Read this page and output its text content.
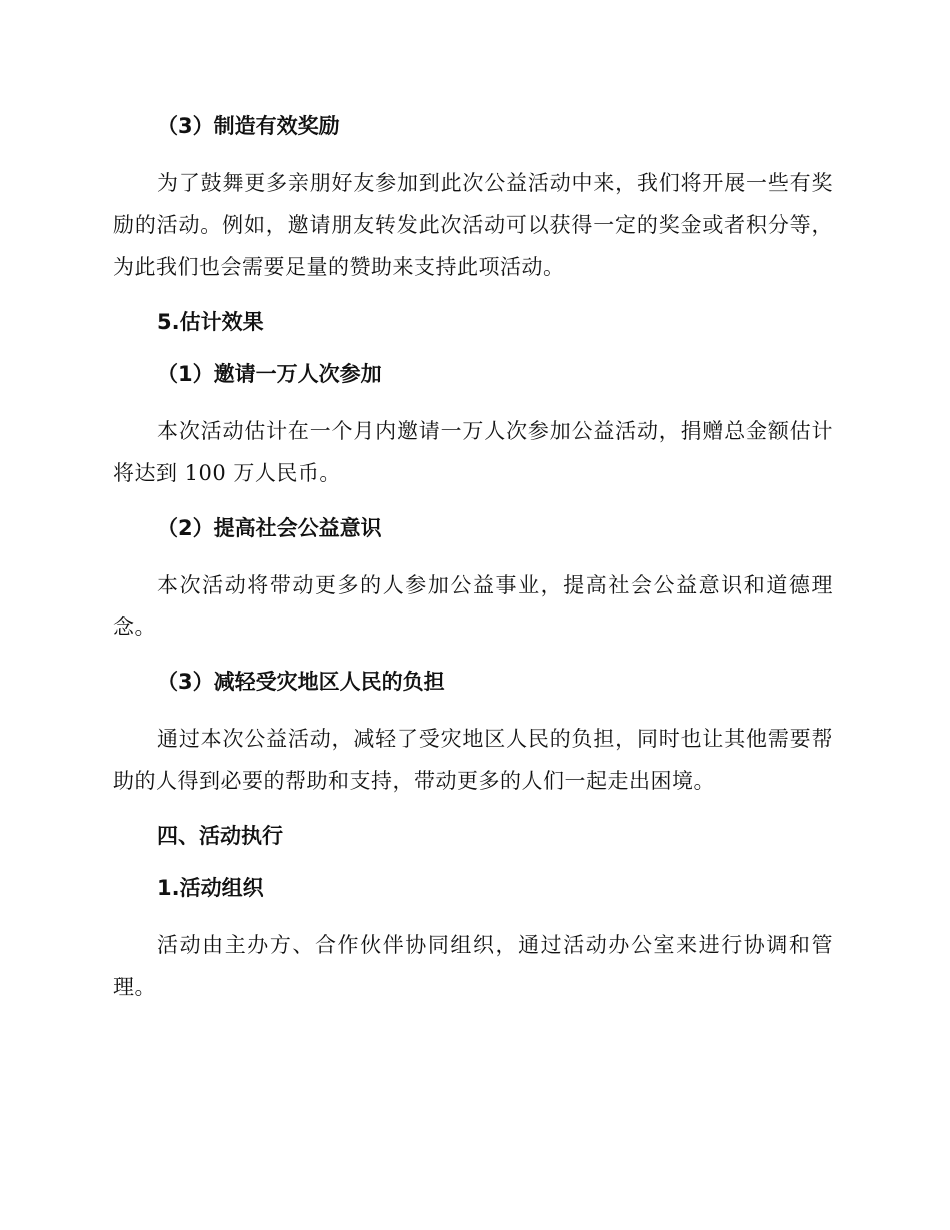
（3）制造有效奖励

为了鼓舞更多亲朋好友参加到此次公益活动中来，我们将开展一些有奖励的活动。例如，邀请朋友转发此次活动可以获得一定的奖金或者积分等，为此我们也会需要足量的赞助来支持此项活动。

5.估计效果

（1）邀请一万人次参加

本次活动估计在一个月内邀请一万人次参加公益活动，捐赠总金额估计将达到 100 万人民币。

（2）提高社会公益意识

本次活动将带动更多的人参加公益事业，提高社会公益意识和道德理念。

（3）减轻受灾地区人民的负担

通过本次公益活动，减轻了受灾地区人民的负担，同时也让其他需要帮助的人得到必要的帮助和支持，带动更多的人们一起走出困境。

四、活动执行

1.活动组织

活动由主办方、合作伙伴协同组织，通过活动办公室来进行协调和管理。
